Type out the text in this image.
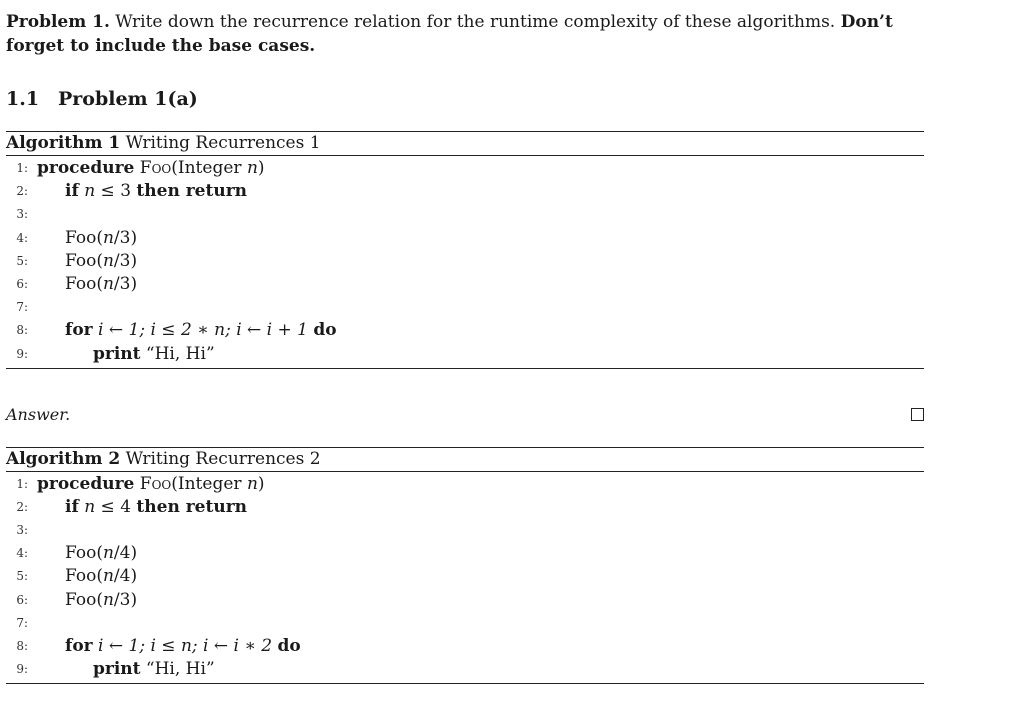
Problem 1. Write down the recurrence relation for the runtime complexity of these algorithms. Don’t forget to include the base cases.

1.1 Problem 1(a)
Algorithm 1 Writing Recurrences 1
1: procedure Foo(Integer n)
2: if n ≤ 3 then return
3:
4: Foo(n/3)
5: Foo(n/3)
6: Foo(n/3)
7:
8: for i ← 1; i ≤ 2 ∗ n; i ← i + 1 do
9:	print “Hi, Hi”
Answer.
Algorithm 2 Writing Recurrences 2
1: procedure Foo(Integer n)
2: if n ≤ 4 then return
3:
4: Foo(n/4)
5: Foo(n/4)
6: Foo(n/3)
7:
8: for i ← 1; i ≤ n; i ← i ∗ 2 do
9:	print “Hi, Hi”
